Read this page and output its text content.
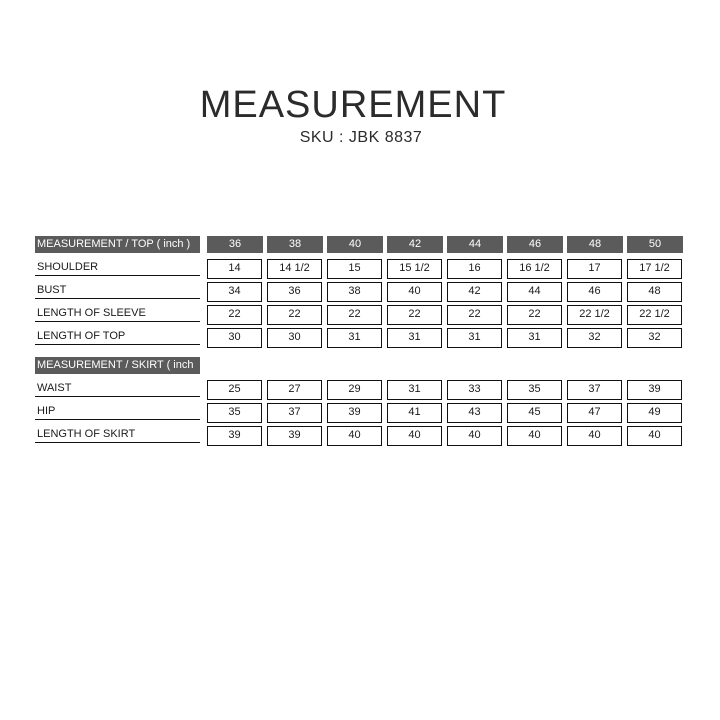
MEASUREMENT
SKU : JBK 8837
MEASUREMENT / TOP ( inch )	36	38	40	42	44	46	48	50
SHOULDER	14	14 1/2	15	15 1/2	16	16 1/2	17	17 1/2
BUST	34	36	38	40	42	44	46	48
LENGTH OF SLEEVE	22	22	22	22	22	22	22 1/2	22 1/2
LENGTH OF TOP	30	30	31	31	31	31	32	32
MEASUREMENT / SKIRT ( inch
WAIST	25	27	29	31	33	35	37	39
HIP	35	37	39	41	43	45	47	49
LENGTH OF SKIRT	39	39	40	40	40	40	40	40
